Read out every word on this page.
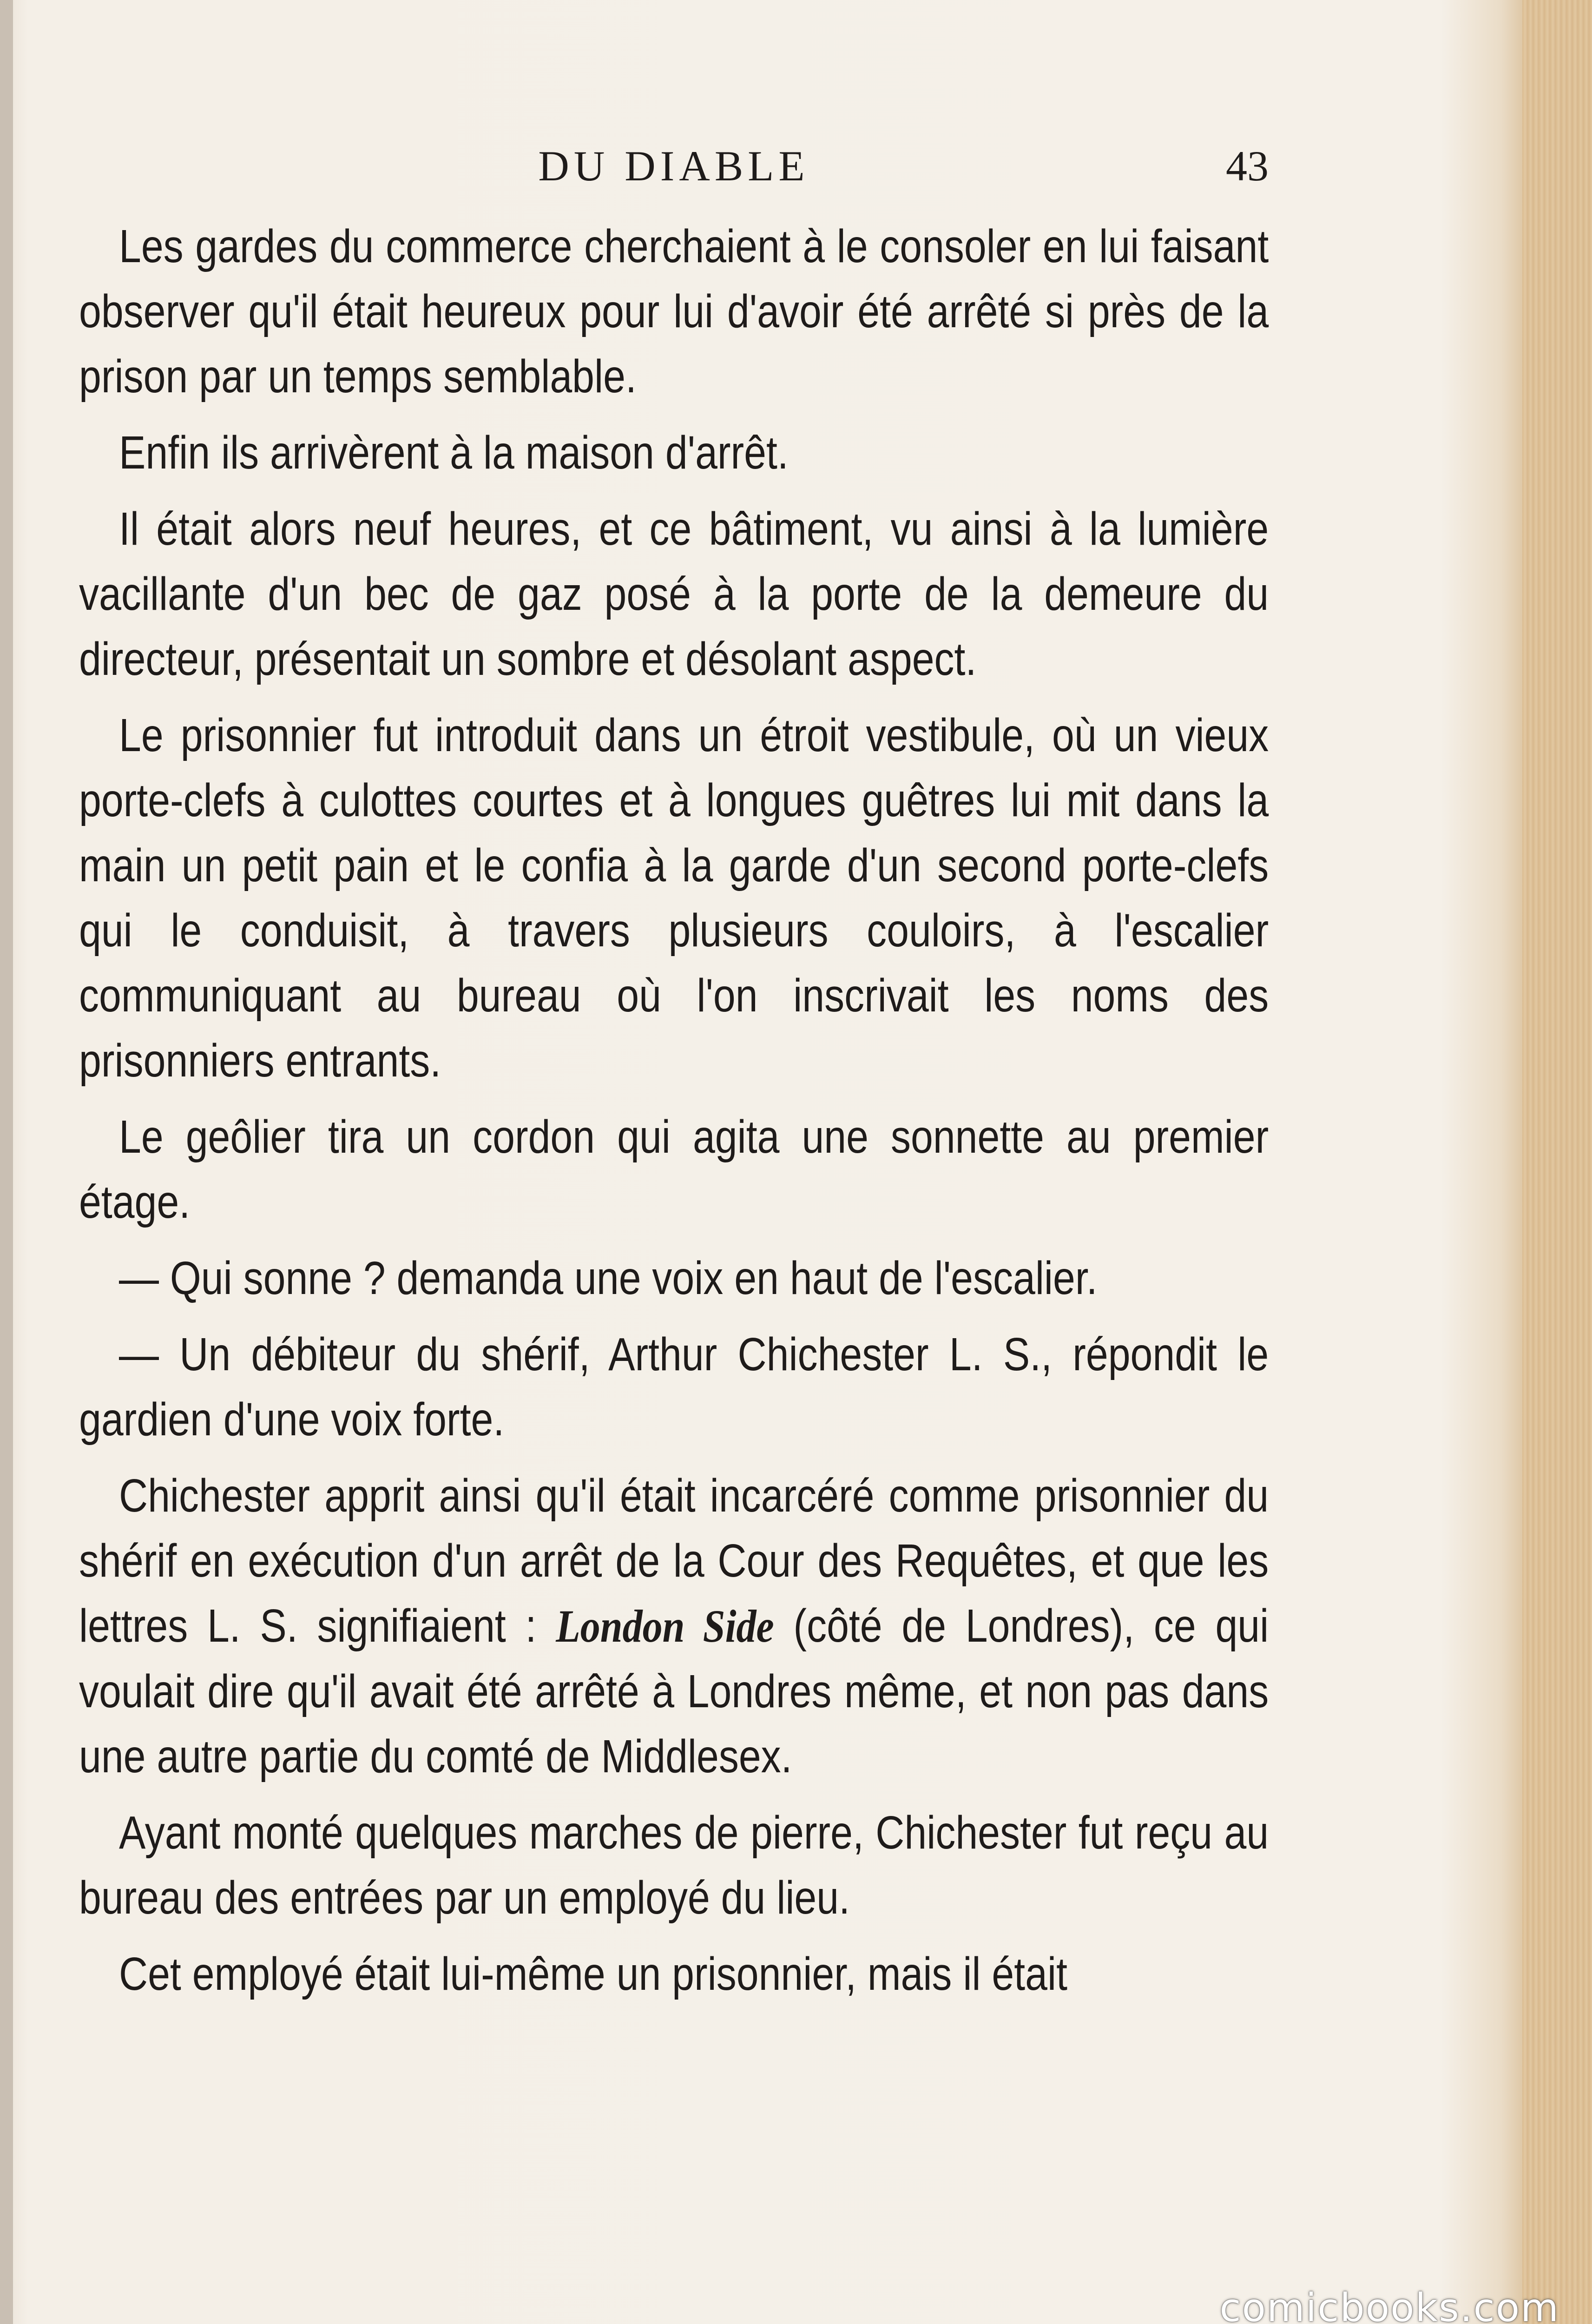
DU DIABLE	43

Les gardes du commerce cherchaient à le consoler en lui faisant observer qu'il était heureux pour lui d'avoir été arrêté si près de la prison par un temps semblable.

Enfin ils arrivèrent à la maison d'arrêt.

Il était alors neuf heures, et ce bâtiment, vu ainsi à la lumière vacillante d'un bec de gaz posé à la porte de la demeure du directeur, présentait un sombre et désolant aspect.

Le prisonnier fut introduit dans un étroit vestibule, où un vieux porte-clefs à culottes courtes et à longues guêtres lui mit dans la main un petit pain et le confia à la garde d'un second porte-clefs qui le conduisit, à travers plusieurs couloirs, à l'escalier communiquant au bureau où l'on inscrivait les noms des prisonniers entrants.

Le geôlier tira un cordon qui agita une sonnette au premier étage.

— Qui sonne ? demanda une voix en haut de l'escalier.

— Un débiteur du shérif, Arthur Chichester L. S., répondit le gardien d'une voix forte.

Chichester apprit ainsi qu'il était incarcéré comme prisonnier du shérif en exécution d'un arrêt de la Cour des Requêtes, et que les lettres L. S. signifiaient : London Side (côté de Londres), ce qui voulait dire qu'il avait été arrêté à Londres même, et non pas dans une autre partie du comté de Middlesex.

Ayant monté quelques marches de pierre, Chichester fut reçu au bureau des entrées par un employé du lieu.

Cet employé était lui-même un prisonnier, mais il était

comicbooks.com
